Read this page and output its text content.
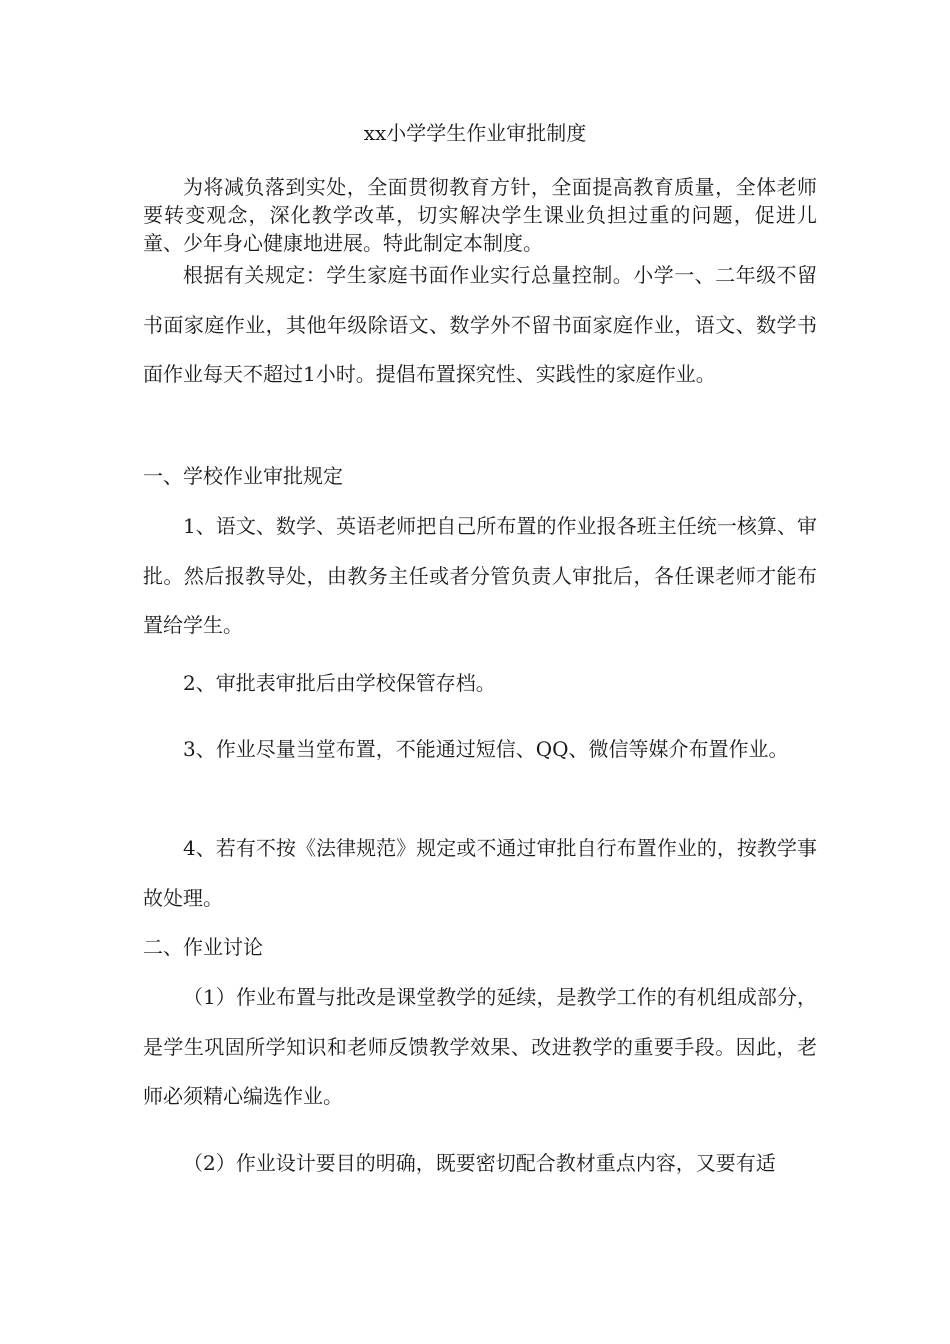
xx小学学生作业审批制度

为将减负落到实处，全面贯彻教育方针，全面提高教育质量，全体老师要转变观念，深化教学改革，切实解决学生课业负担过重的问题，促进儿童、少年身心健康地进展。特此制定本制度。

根据有关规定：学生家庭书面作业实行总量控制。小学一、二年级不留书面家庭作业，其他年级除语文、数学外不留书面家庭作业，语文、数学书面作业每天不超过1小时。提倡布置探究性、实践性的家庭作业。

一、学校作业审批规定

1、语文、数学、英语老师把自己所布置的作业报各班主任统一核算、审批。然后报教导处，由教务主任或者分管负责人审批后，各任课老师才能布置给学生。

2、审批表审批后由学校保管存档。

3、作业尽量当堂布置，不能通过短信、QQ、微信等媒介布置作业。

4、若有不按《法律规范》规定或不通过审批自行布置作业的，按教学事故处理。

二、作业讨论

（1）作业布置与批改是课堂教学的延续，是教学工作的有机组成部分，是学生巩固所学知识和老师反馈教学效果、改进教学的重要手段。因此，老师必须精心编选作业。

（2）作业设计要目的明确，既要密切配合教材重点内容，又要有适
